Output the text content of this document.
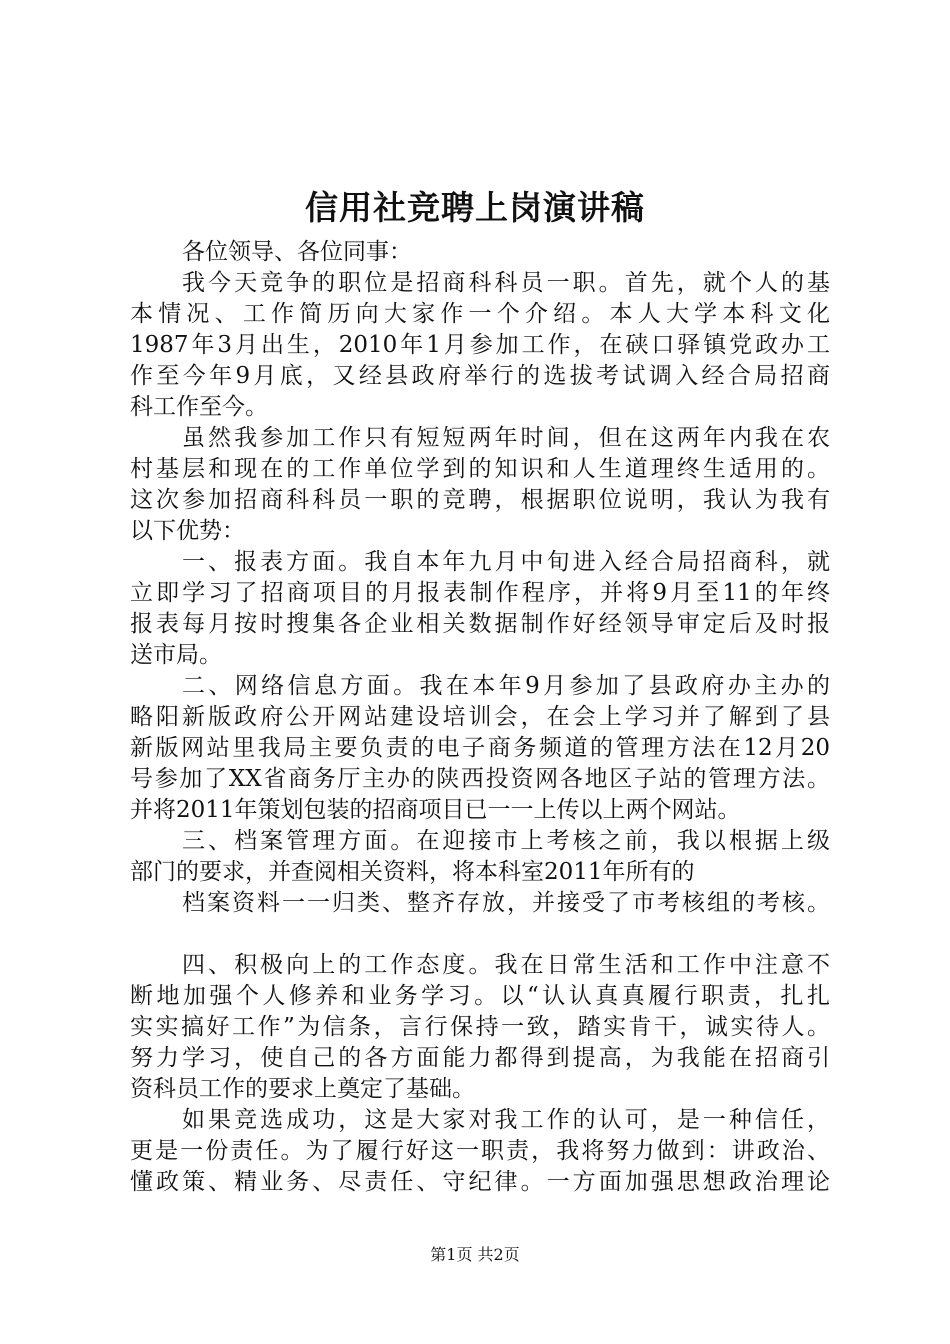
信用社竞聘上岗演讲稿
各位领导、各位同事：
我今天竞争的职位是招商科科员一职。首先，就个人的基
本情况、工作简历向大家作一个介绍。本人大学本科文化
1987年3月出生，2010年1月参加工作，在硖口驿镇党政办工
作至今年9月底，又经县政府举行的选拔考试调入经合局招商
科工作至今。
虽然我参加工作只有短短两年时间，但在这两年内我在农
村基层和现在的工作单位学到的知识和人生道理终生适用的。
这次参加招商科科员一职的竞聘，根据职位说明，我认为我有
以下优势：
一、报表方面。我自本年九月中旬进入经合局招商科，就
立即学习了招商项目的月报表制作程序，并将9月至11的年终
报表每月按时搜集各企业相关数据制作好经领导审定后及时报
送市局。
二、网络信息方面。我在本年9月参加了县政府办主办的
略阳新版政府公开网站建设培训会，在会上学习并了解到了县
新版网站里我局主要负责的电子商务频道的管理方法在12月20
号参加了XX省商务厅主办的陕西投资网各地区子站的管理方法。
并将2011年策划包装的招商项目已一一上传以上两个网站。
三、档案管理方面。在迎接市上考核之前，我以根据上级
部门的要求，并查阅相关资料，将本科室2011年所有的
档案资料一一归类、整齐存放，并接受了市考核组的考核。
四、积极向上的工作态度。我在日常生活和工作中注意不
断地加强个人修养和业务学习。以“认认真真履行职责，扎扎
实实搞好工作”为信条，言行保持一致，踏实肯干，诚实待人。
努力学习，使自己的各方面能力都得到提高，为我能在招商引
资科员工作的要求上奠定了基础。
如果竞选成功，这是大家对我工作的认可，是一种信任，
更是一份责任。为了履行好这一职责，我将努力做到：讲政治、
懂政策、精业务、尽责任、守纪律。一方面加强思想政治理论
第1页 共2页
